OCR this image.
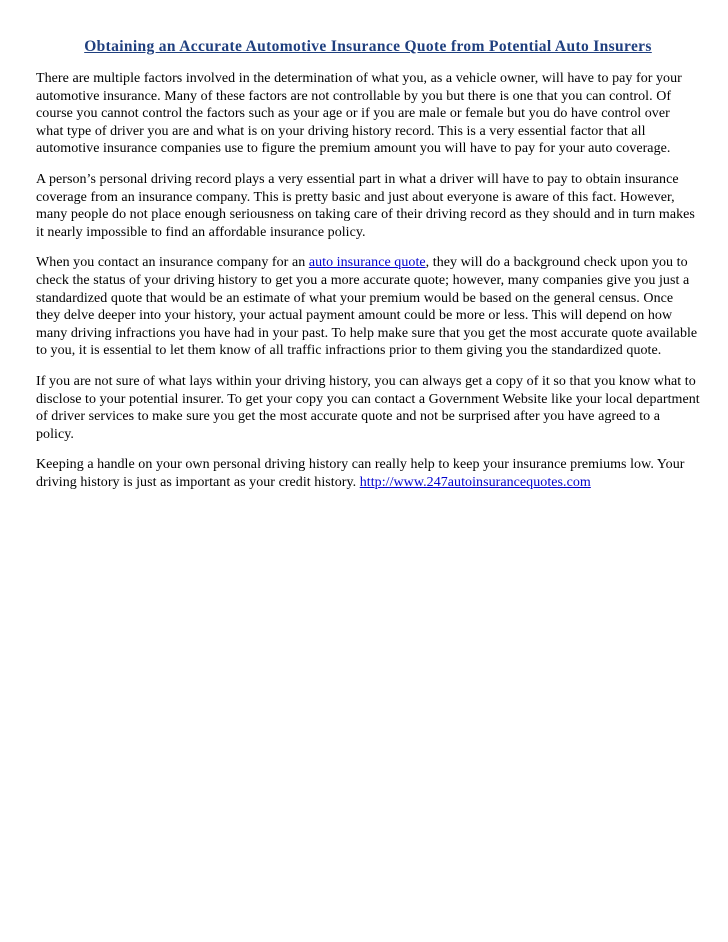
Obtaining an Accurate Automotive Insurance Quote from Potential Auto Insurers

There are multiple factors involved in the determination of what you, as a vehicle owner, will have to pay for your automotive insurance. Many of these factors are not controllable by you but there is one that you can control. Of course you cannot control the factors such as your age or if you are male or female but you do have control over what type of driver you are and what is on your driving history record. This is a very essential factor that all automotive insurance companies use to figure the premium amount you will have to pay for your auto coverage.

A person’s personal driving record plays a very essential part in what a driver will have to pay to obtain insurance coverage from an insurance company. This is pretty basic and just about everyone is aware of this fact. However, many people do not place enough seriousness on taking care of their driving record as they should and in turn makes it nearly impossible to find an affordable insurance policy.

When you contact an insurance company for an auto insurance quote, they will do a background check upon you to check the status of your driving history to get you a more accurate quote; however, many companies give you just a standardized quote that would be an estimate of what your premium would be based on the general census. Once they delve deeper into your history, your actual payment amount could be more or less. This will depend on how many driving infractions you have had in your past. To help make sure that you get the most accurate quote available to you, it is essential to let them know of all traffic infractions prior to them giving you the standardized quote.

If you are not sure of what lays within your driving history, you can always get a copy of it so that you know what to disclose to your potential insurer. To get your copy you can contact a Government Website like your local department of driver services to make sure you get the most accurate quote and not be surprised after you have agreed to a policy.

Keeping a handle on your own personal driving history can really help to keep your insurance premiums low. Your driving history is just as important as your credit history. http://www.247autoinsurancequotes.com
